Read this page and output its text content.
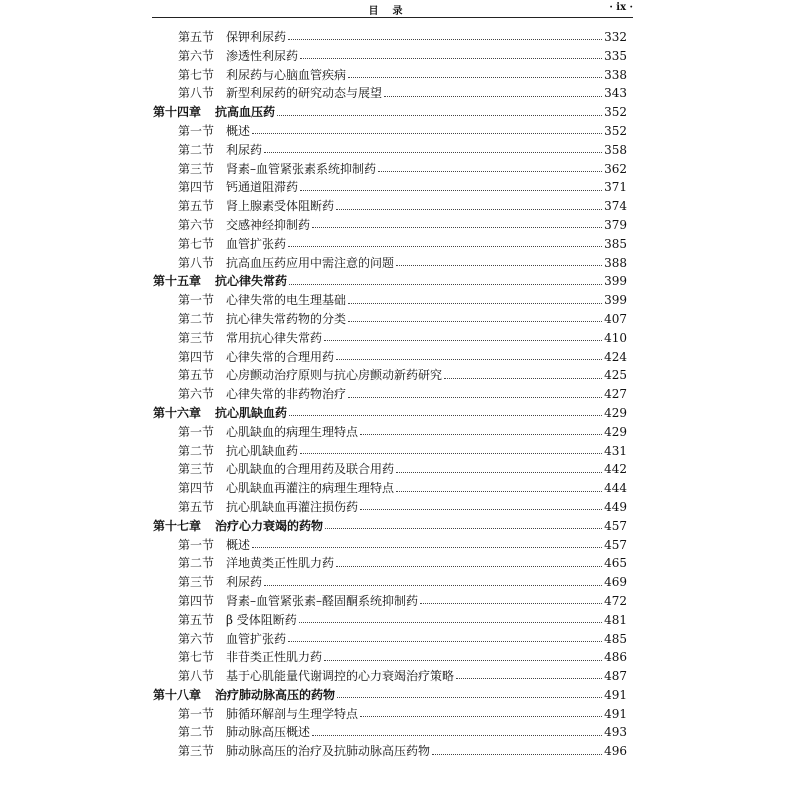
目录	· ix ·
第五节 保钾利尿药	332
第六节 渗透性利尿药	335
第七节 利尿药与心脑血管疾病	338
第八节 新型利尿药的研究动态与展望	343
第十四章 抗高血压药	352
第一节 概述	352
第二节 利尿药	358
第三节 肾素–血管紧张素系统抑制药	362
第四节 钙通道阻滞药	371
第五节 肾上腺素受体阻断药	374
第六节 交感神经抑制药	379
第七节 血管扩张药	385
第八节 抗高血压药应用中需注意的问题	388
第十五章 抗心律失常药	399
第一节 心律失常的电生理基础	399
第二节 抗心律失常药物的分类	407
第三节 常用抗心律失常药	410
第四节 心律失常的合理用药	424
第五节 心房颤动治疗原则与抗心房颤动新药研究	425
第六节 心律失常的非药物治疗	427
第十六章 抗心肌缺血药	429
第一节 心肌缺血的病理生理特点	429
第二节 抗心肌缺血药	431
第三节 心肌缺血的合理用药及联合用药	442
第四节 心肌缺血再灌注的病理生理特点	444
第五节 抗心肌缺血再灌注损伤药	449
第十七章 治疗心力衰竭的药物	457
第一节 概述	457
第二节 洋地黄类正性肌力药	465
第三节 利尿药	469
第四节 肾素–血管紧张素–醛固酮系统抑制药	472
第五节 β 受体阻断药	481
第六节 血管扩张药	485
第七节 非苷类正性肌力药	486
第八节 基于心肌能量代谢调控的心力衰竭治疗策略	487
第十八章 治疗肺动脉高压的药物	491
第一节 肺循环解剖与生理学特点	491
第二节 肺动脉高压概述	493
第三节 肺动脉高压的治疗及抗肺动脉高压药物	496
